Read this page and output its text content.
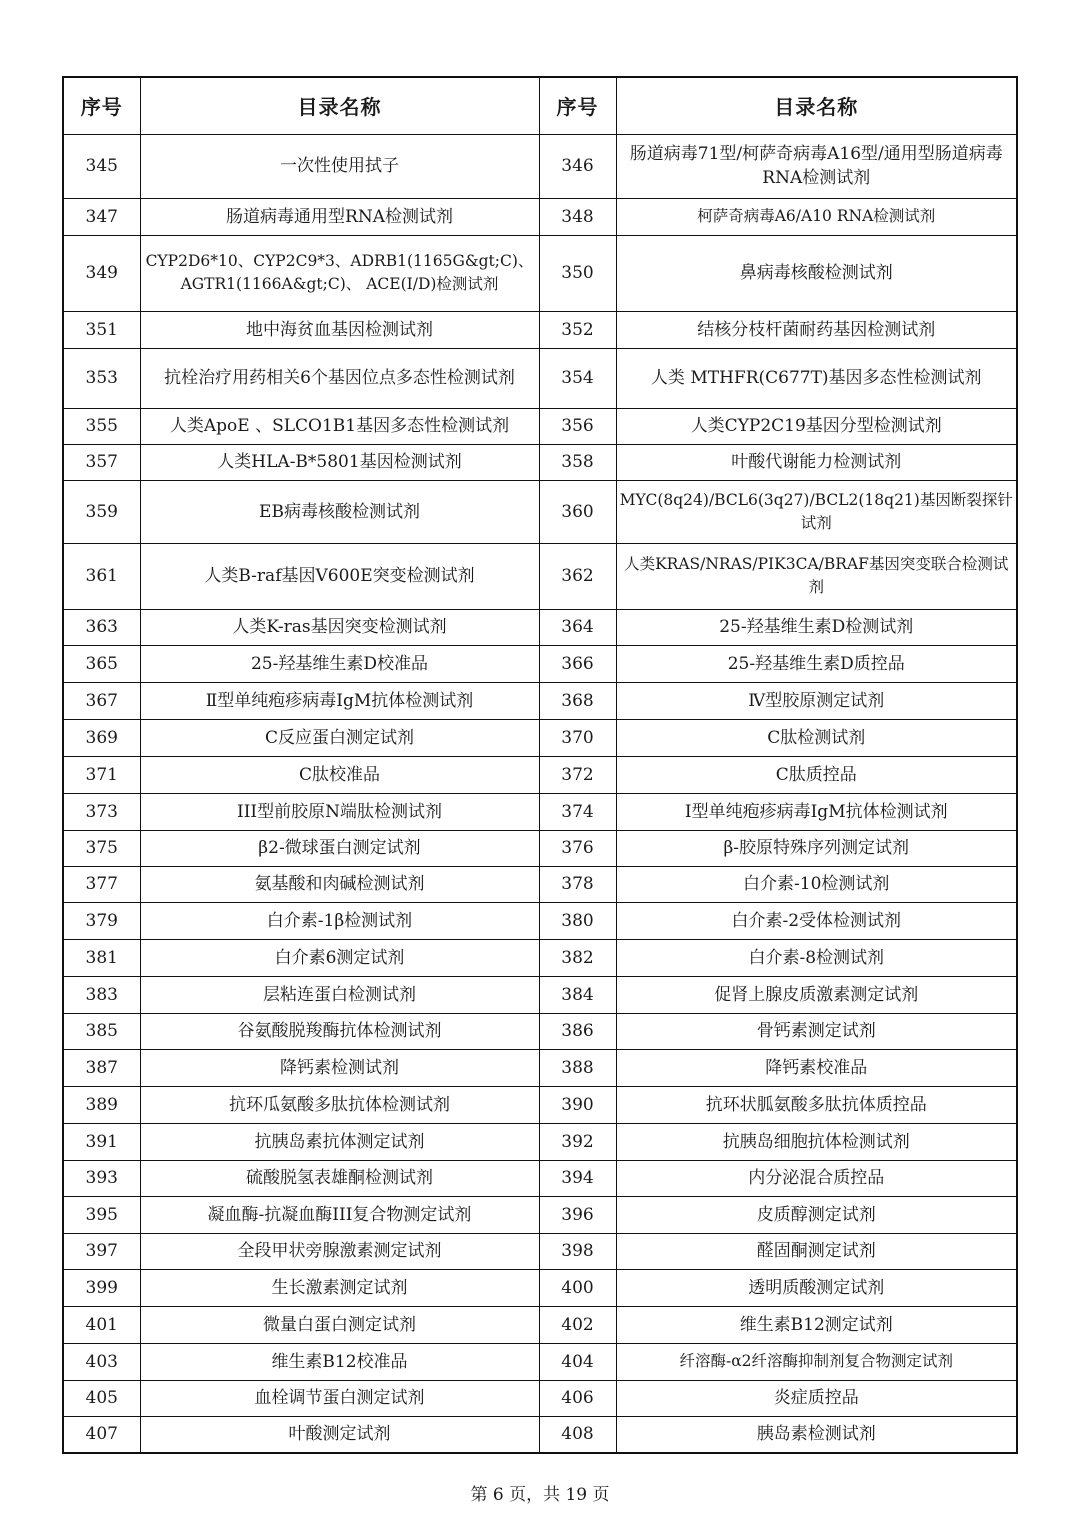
序号	目录名称	序号	目录名称
345	一次性使用拭子	346	肠道病毒71型/柯萨奇病毒A16型/通用型肠道病毒RNA检测试剂
347	肠道病毒通用型RNA检测试剂	348	柯萨奇病毒A6/A10 RNA检测试剂
349	CYP2D6*10、CYP2C9*3、ADRB1(1165G&gt;C)、AGTR1(1166A&gt;C)、 ACE(I/D)检测试剂	350	鼻病毒核酸检测试剂
351	地中海贫血基因检测试剂	352	结核分枝杆菌耐药基因检测试剂
353	抗栓治疗用药相关6个基因位点多态性检测试剂	354	人类 MTHFR(C677T)基因多态性检测试剂
355	人类ApoE 、SLCO1B1基因多态性检测试剂	356	人类CYP2C19基因分型检测试剂
357	人类HLA-B*5801基因检测试剂	358	叶酸代谢能力检测试剂
359	EB病毒核酸检测试剂	360	MYC(8q24)/BCL6(3q27)/BCL2(18q21)基因断裂探针试剂
361	人类B-raf基因V600E突变检测试剂	362	人类KRAS/NRAS/PIK3CA/BRAF基因突变联合检测试剂
363	人类K-ras基因突变检测试剂	364	25-羟基维生素D检测试剂
365	25-羟基维生素D校准品	366	25-羟基维生素D质控品
367	Ⅱ型单纯疱疹病毒IgM抗体检测试剂	368	Ⅳ型胶原测定试剂
369	C反应蛋白测定试剂	370	C肽检测试剂
371	C肽校准品	372	C肽质控品
373	III型前胶原N端肽检测试剂	374	I型单纯疱疹病毒IgM抗体检测试剂
375	β2-微球蛋白测定试剂	376	β-胶原特殊序列测定试剂
377	氨基酸和肉碱检测试剂	378	白介素-10检测试剂
379	白介素-1β检测试剂	380	白介素-2受体检测试剂
381	白介素6测定试剂	382	白介素-8检测试剂
383	层粘连蛋白检测试剂	384	促肾上腺皮质激素测定试剂
385	谷氨酸脱羧酶抗体检测试剂	386	骨钙素测定试剂
387	降钙素检测试剂	388	降钙素校准品
389	抗环瓜氨酸多肽抗体检测试剂	390	抗环状胍氨酸多肽抗体质控品
391	抗胰岛素抗体测定试剂	392	抗胰岛细胞抗体检测试剂
393	硫酸脱氢表雄酮检测试剂	394	内分泌混合质控品
395	凝血酶-抗凝血酶III复合物测定试剂	396	皮质醇测定试剂
397	全段甲状旁腺激素测定试剂	398	醛固酮测定试剂
399	生长激素测定试剂	400	透明质酸测定试剂
401	微量白蛋白测定试剂	402	维生素B12测定试剂
403	维生素B12校准品	404	纤溶酶-α2纤溶酶抑制剂复合物测定试剂
405	血栓调节蛋白测定试剂	406	炎症质控品
407	叶酸测定试剂	408	胰岛素检测试剂
第 6 页，共 19 页
